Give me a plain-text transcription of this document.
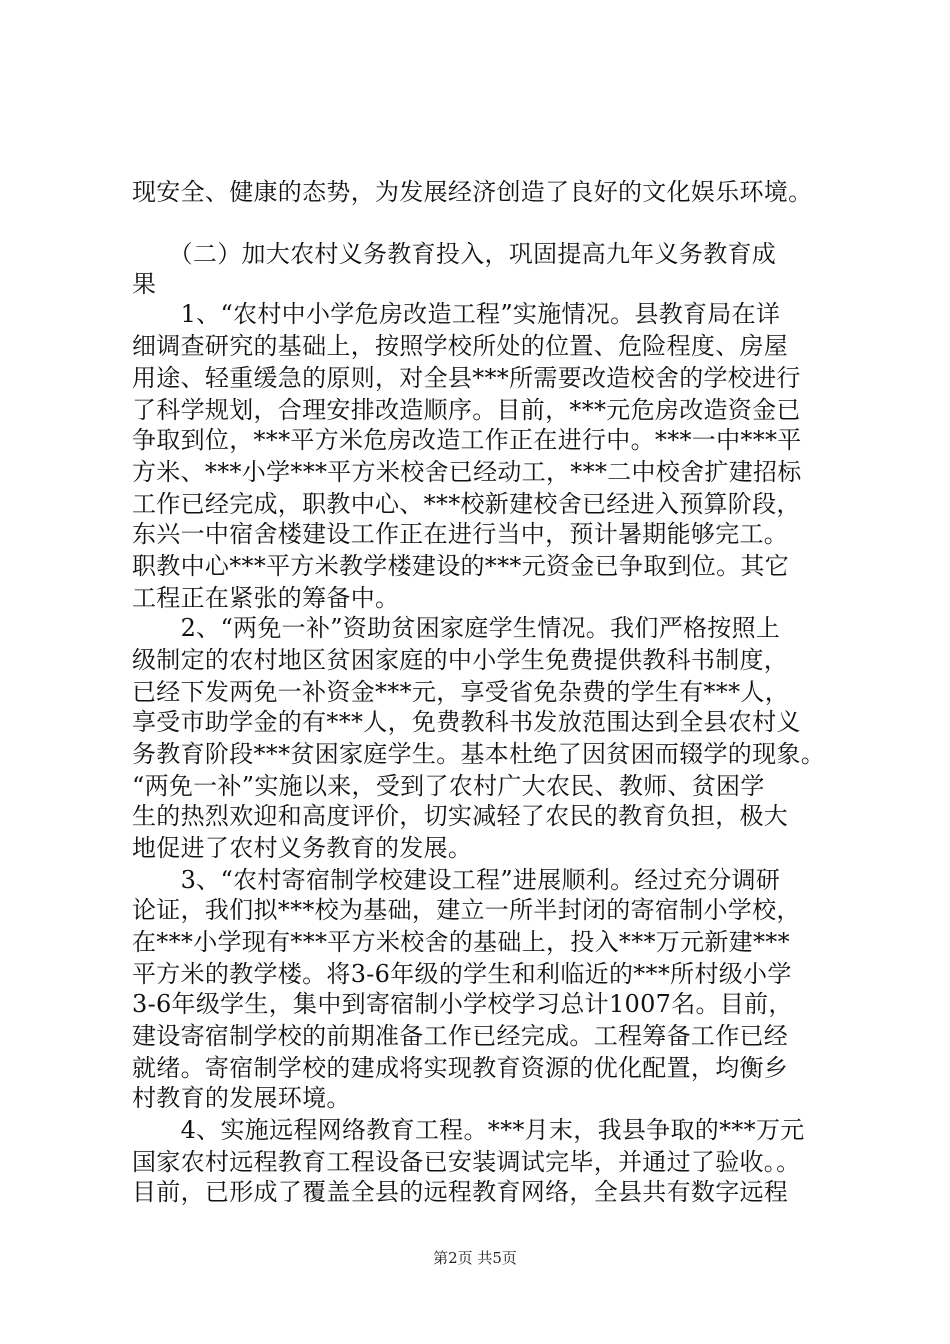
现安全、健康的态势，为发展经济创造了良好的文化娱乐环境。
　　（二）加大农村义务教育投入，巩固提高九年义务教育成
果
　　1、“农村中小学危房改造工程”实施情况。县教育局在详
细调查研究的基础上，按照学校所处的位置、危险程度、房屋
用途、轻重缓急的原则，对全县***所需要改造校舍的学校进行
了科学规划，合理安排改造顺序。目前，***元危房改造资金已
争取到位，***平方米危房改造工作正在进行中。***一中***平
方米、***小学***平方米校舍已经动工，***二中校舍扩建招标
工作已经完成，职教中心、***校新建校舍已经进入预算阶段，
东兴一中宿舍楼建设工作正在进行当中，预计暑期能够完工。
职教中心***平方米教学楼建设的***元资金已争取到位。其它
工程正在紧张的筹备中。
　　2、“两免一补”资助贫困家庭学生情况。我们严格按照上
级制定的农村地区贫困家庭的中小学生免费提供教科书制度，
已经下发两免一补资金***元，享受省免杂费的学生有***人，
享受市助学金的有***人，免费教科书发放范围达到全县农村义
务教育阶段***贫困家庭学生。基本杜绝了因贫困而辍学的现象。
“两免一补”实施以来，受到了农村广大农民、教师、贫困学
生的热烈欢迎和高度评价，切实减轻了农民的教育负担，极大
地促进了农村义务教育的发展。
　　3、“农村寄宿制学校建设工程”进展顺利。经过充分调研
论证，我们拟***校为基础，建立一所半封闭的寄宿制小学校，
在***小学现有***平方米校舍的基础上，投入***万元新建***
平方米的教学楼。将3-6年级的学生和利临近的***所村级小学
3-6年级学生，集中到寄宿制小学校学习总计1007名。目前，
建设寄宿制学校的前期准备工作已经完成。工程筹备工作已经
就绪。寄宿制学校的建成将实现教育资源的优化配置，均衡乡
村教育的发展环境。
　　4、实施远程网络教育工程。***月末，我县争取的***万元
国家农村远程教育工程设备已安装调试完毕，并通过了验收。。
目前，已形成了覆盖全县的远程教育网络，全县共有数字远程
第2页 共5页
